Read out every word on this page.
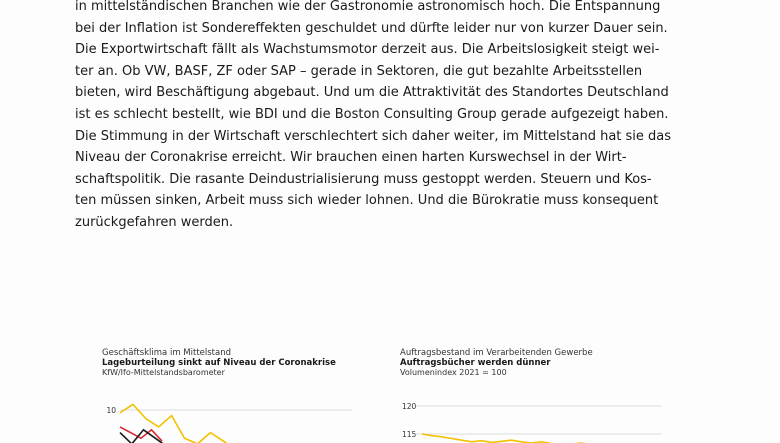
in mittelständischen Branchen wie der Gastronomie astronomisch hoch. Die Entspannung
bei der Inflation ist Sondereffekten geschuldet und dürfte leider nur von kurzer Dauer sein.
Die Exportwirtschaft fällt als Wachstumsmotor derzeit aus. Die Arbeitslosigkeit steigt wei-
ter an. Ob VW, BASF, ZF oder SAP – gerade in Sektoren, die gut bezahlte Arbeitsstellen
bieten, wird Beschäftigung abgebaut. Und um die Attraktivität des Standortes Deutschland
ist es schlecht bestellt, wie BDI und die Boston Consulting Group gerade aufgezeigt haben.
Die Stimmung in der Wirtschaft verschlechtert sich daher weiter, im Mittelstand hat sie das
Niveau der Coronakrise erreicht. Wir brauchen einen harten Kurswechsel in der Wirt-
schaftspolitik. Die rasante Deindustrialisierung muss gestoppt werden. Steuern und Kos-
ten müssen sinken, Arbeit muss sich wieder lohnen. Und die Bürokratie muss konsequent
zurückgefahren werden.

Geschäftsklima im Mittelstand

Lageburteilung sinkt auf Niveau der Coronakrise

KfW/Ifo-Mittelstandsbarometer

10

Auftragsbestand im Verarbeitenden Gewerbe

Auftragsbücher werden dünner

Volumenindex 2021 = 100

120
115
